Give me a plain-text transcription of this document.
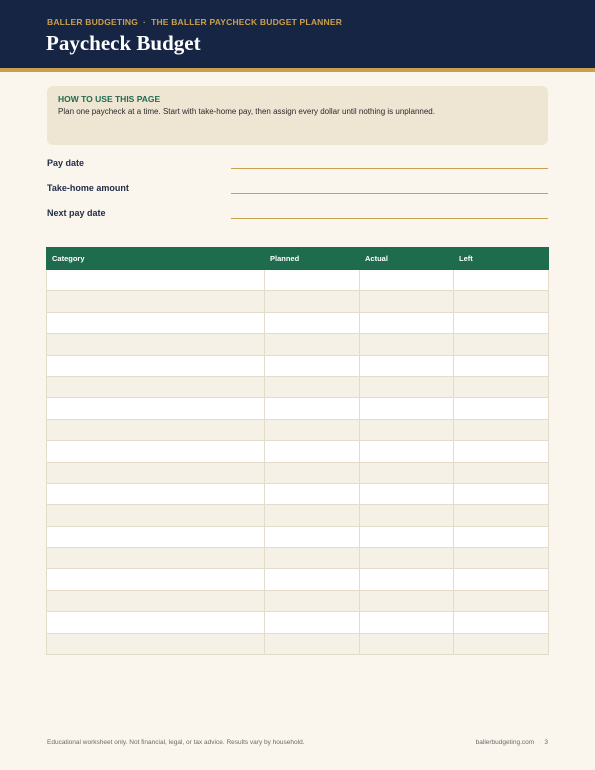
BALLER BUDGETING · THE BALLER PAYCHECK BUDGET PLANNER
Paycheck Budget
HOW TO USE THIS PAGE
Plan one paycheck at a time. Start with take-home pay, then assign every dollar until nothing is unplanned.
Pay date
Take-home amount
Next pay date
Category	Planned	Actual	Left

Educational worksheet only. Not financial, legal, or tax advice. Results vary by household.	ballerbudgeting.com · 3
